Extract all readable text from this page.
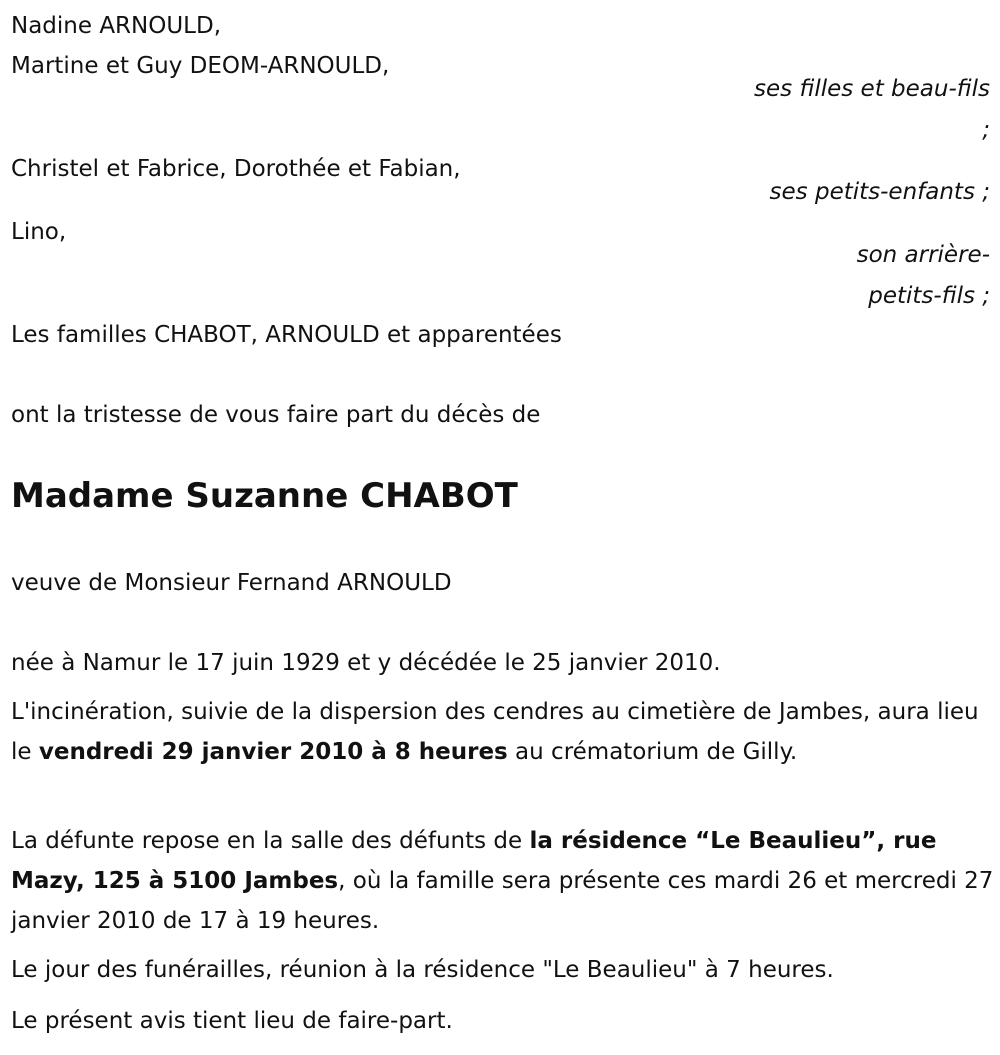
Nadine ARNOULD,
Martine et Guy DEOM-ARNOULD,
ses filles et beau-fils
;
Christel et Fabrice, Dorothée et Fabian,
ses petits-enfants ;
Lino,
son arrière-
petits-fils ;
Les familles CHABOT, ARNOULD et apparentées
ont la tristesse de vous faire part du décès de
Madame Suzanne CHABOT
veuve de Monsieur Fernand ARNOULD
née à Namur le 17 juin 1929 et y décédée le 25 janvier 2010.
L'incinération, suivie de la dispersion des cendres au cimetière de Jambes, aura lieu le vendredi 29 janvier 2010 à 8 heures au crématorium de Gilly.
La défunte repose en la salle des défunts de la résidence “Le Beaulieu”, rue Mazy, 125 à 5100 Jambes, où la famille sera présente ces mardi 26 et mercredi 27 janvier 2010 de 17 à 19 heures.
Le jour des funérailles, réunion à la résidence "Le Beaulieu" à 7 heures.
Le présent avis tient lieu de faire-part.
